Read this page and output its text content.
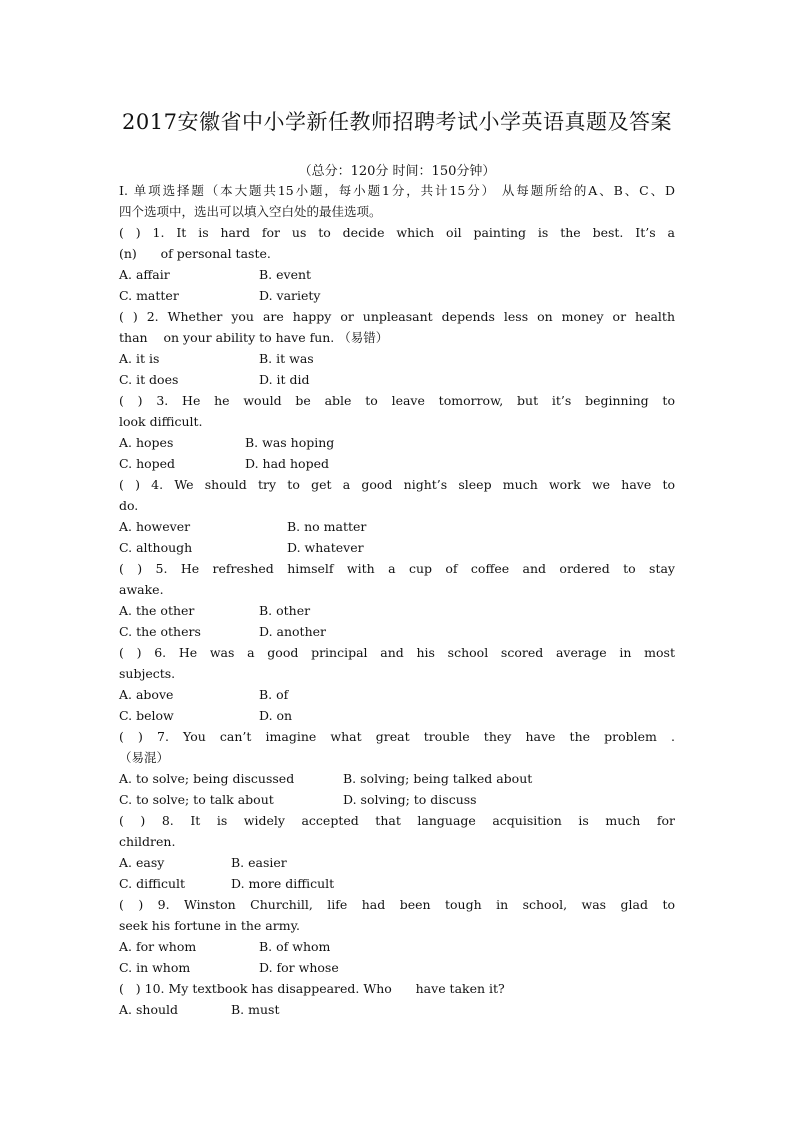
2017安徽省中小学新任教师招聘考试小学英语真题及答案
（总分：120分 时间：150分钟）
I. 单项选择题（本大题共15小题，每小题1分，共计15分） 从每题所给的A、B、C、D
四个选项中，选出可以填入空白处的最佳选项。
( ) 1. It is hard for us to decide which oil painting is the best. It’s a
(n)      of personal taste.
A. affair	B. event
C. matter	D. variety
( ) 2. Whether you are happy or unpleasant depends less on money or health
than    on your ability to have fun. （易错）
A. it is	B. it was
C. it does	D. it did
( ) 3. He he would be able to leave tomorrow, but it’s beginning to
look difficult.
A. hopes	B. was hoping
C. hoped	D. had hoped
( ) 4. We should try to get a good night’s sleep much work we have to
do.
A. however	B. no matter
C. although	D. whatever
( ) 5. He refreshed himself with a cup of coffee and ordered to stay
awake.
A. the other	B. other
C. the others	D. another
( ) 6. He was a good principal and his school scored average in most
subjects.
A. above	B. of
C. below	D. on
( ) 7. You can’t imagine what great trouble they have the problem .
（易混）
A. to solve; being discussed	B. solving; being talked about
C. to solve; to talk about	D. solving; to discuss
( ) 8. It is widely accepted that language acquisition is much for
children.
A. easy	B. easier
C. difficult	D. more difficult
( ) 9. Winston Churchill, life had been tough in school, was glad to
seek his fortune in the army.
A. for whom	B. of whom
C. in whom	D. for whose
(   ) 10. My textbook has disappeared. Who      have taken it?
A. should	B. must
